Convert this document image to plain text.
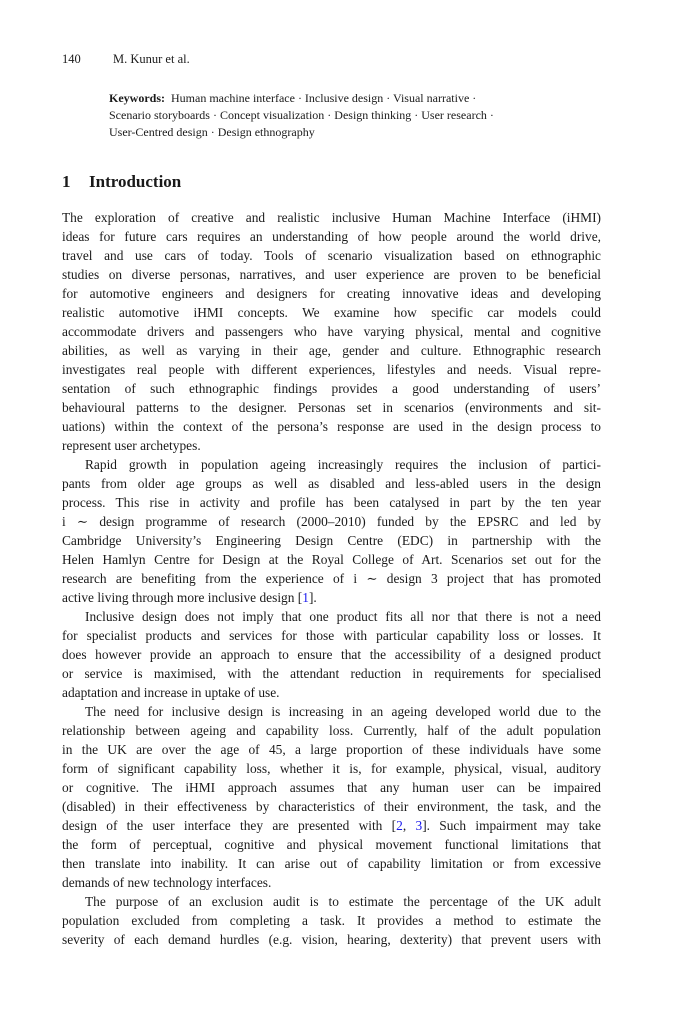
140	M. Kunur et al.
Keywords: Human machine interface · Inclusive design · Visual narrative ·
Scenario storyboards · Concept visualization · Design thinking · User research ·
User-Centred design · Design ethnography
1 Introduction
The exploration of creative and realistic inclusive Human Machine Interface (iHMI)
ideas for future cars requires an understanding of how people around the world drive,
travel and use cars of today. Tools of scenario visualization based on ethnographic
studies on diverse personas, narratives, and user experience are proven to be beneficial
for automotive engineers and designers for creating innovative ideas and developing
realistic automotive iHMI concepts. We examine how specific car models could
accommodate drivers and passengers who have varying physical, mental and cognitive
abilities, as well as varying in their age, gender and culture. Ethnographic research
investigates real people with different experiences, lifestyles and needs. Visual repre-
sentation of such ethnographic findings provides a good understanding of users’
behavioural patterns to the designer. Personas set in scenarios (environments and sit-
uations) within the context of the persona’s response are used in the design process to
represent user archetypes.
Rapid growth in population ageing increasingly requires the inclusion of partici-
pants from older age groups as well as disabled and less-abled users in the design
process. This rise in activity and profile has been catalysed in part by the ten year
i ∼ design programme of research (2000–2010) funded by the EPSRC and led by
Cambridge University’s Engineering Design Centre (EDC) in partnership with the
Helen Hamlyn Centre for Design at the Royal College of Art. Scenarios set out for the
research are benefiting from the experience of i ∼ design 3 project that has promoted
active living through more inclusive design [1].
Inclusive design does not imply that one product fits all nor that there is not a need
for specialist products and services for those with particular capability loss or losses. It
does however provide an approach to ensure that the accessibility of a designed product
or service is maximised, with the attendant reduction in requirements for specialised
adaptation and increase in uptake of use.
The need for inclusive design is increasing in an ageing developed world due to the
relationship between ageing and capability loss. Currently, half of the adult population
in the UK are over the age of 45, a large proportion of these individuals have some
form of significant capability loss, whether it is, for example, physical, visual, auditory
or cognitive. The iHMI approach assumes that any human user can be impaired
(disabled) in their effectiveness by characteristics of their environment, the task, and the
design of the user interface they are presented with [2, 3]. Such impairment may take
the form of perceptual, cognitive and physical movement functional limitations that
then translate into inability. It can arise out of capability limitation or from excessive
demands of new technology interfaces.
The purpose of an exclusion audit is to estimate the percentage of the UK adult
population excluded from completing a task. It provides a method to estimate the
severity of each demand hurdles (e.g. vision, hearing, dexterity) that prevent users with
